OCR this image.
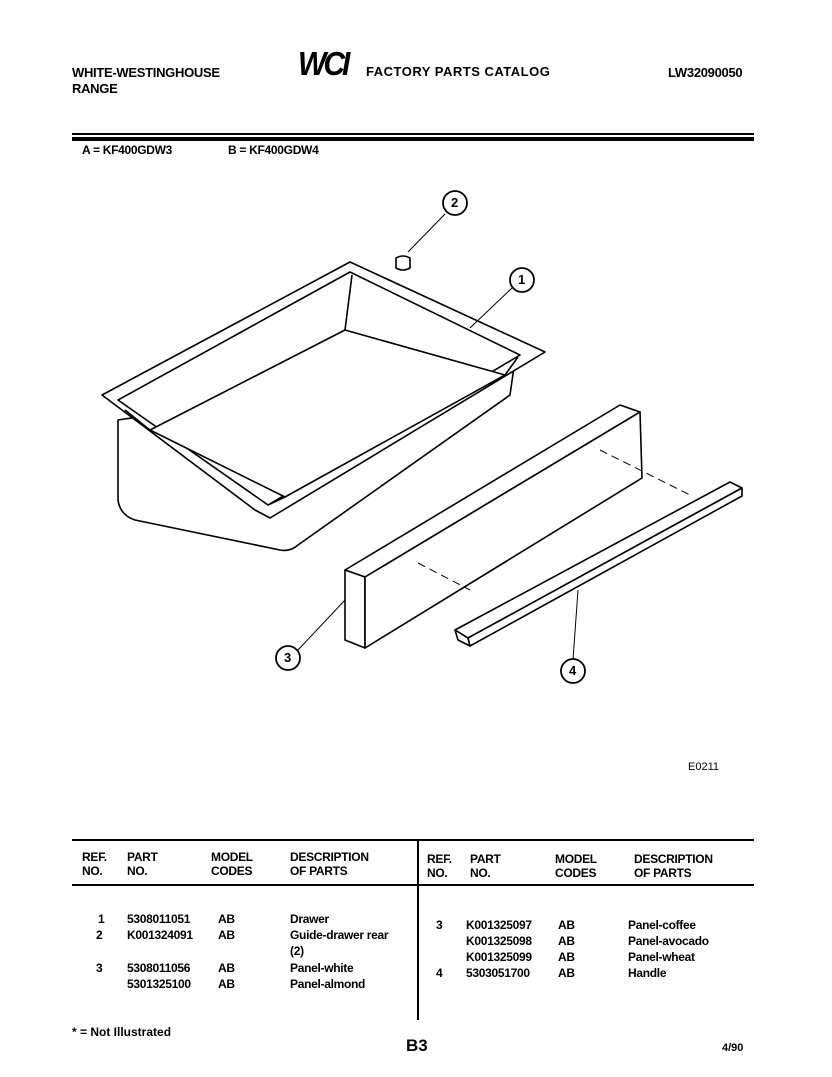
WHITE-WESTINGHOUSE
RANGE
WCI FACTORY PARTS CATALOG	LW32090050
A = KF400GDW3	B = KF400GDW4
2
1
3
4
E0211
REF.
NO.
PART
NO.
MODEL
CODES
DESCRIPTION
OF PARTS
REF.
NO.
PART
NO.
MODEL
CODES
DESCRIPTION
OF PARTS
1 5308011051 AB	Drawer
2 K001324091 AB	Guide-drawer rear
(2)
3 5308011056 AB	Panel-white
5301325100 AB	Panel-almond
3 K001325097 AB	Panel-coffee
K001325098 AB	Panel-avocado
K001325099 AB	Panel-wheat
4 5303051700 AB	Handle
* = Not Illustrated
B3	4/90
